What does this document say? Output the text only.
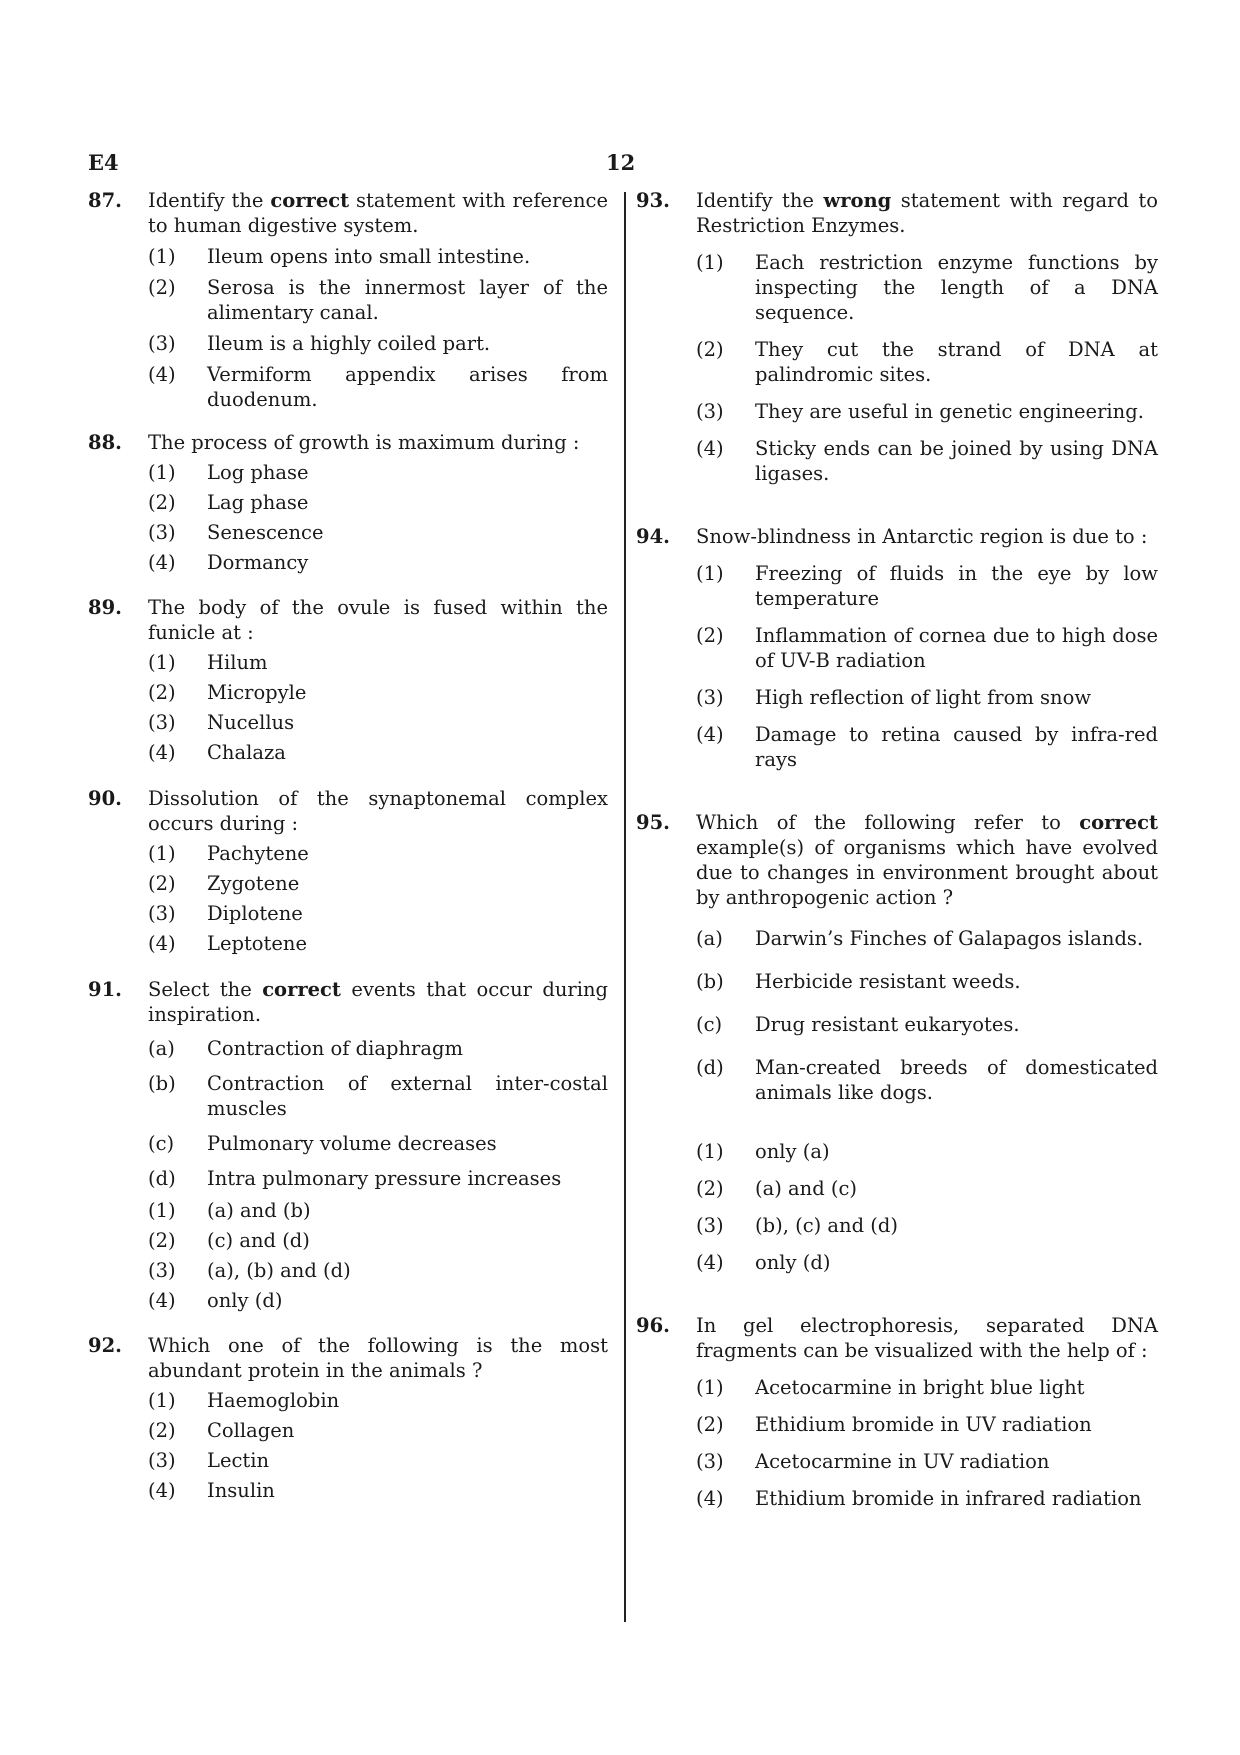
E4	12
87.	Identify the correct statement with reference to human digestive system.
(1)	Ileum opens into small intestine.
(2)	Serosa is the innermost layer of the alimentary canal.
(3)	Ileum is a highly coiled part.
(4)	Vermiform appendix arises from duodenum.
88.	The process of growth is maximum during :
(1)	Log phase
(2)	Lag phase
(3)	Senescence
(4)	Dormancy
89.	The body of the ovule is fused within the funicle at :
(1)	Hilum
(2)	Micropyle
(3)	Nucellus
(4)	Chalaza
90.	Dissolution of the synaptonemal complex occurs during :
(1)	Pachytene
(2)	Zygotene
(3)	Diplotene
(4)	Leptotene
91.	Select the correct events that occur during inspiration.
(a)	Contraction of diaphragm
(b)	Contraction of external inter-costal muscles
(c)	Pulmonary volume decreases
(d)	Intra pulmonary pressure increases
(1)	(a) and (b)
(2)	(c) and (d)
(3)	(a), (b) and (d)
(4)	only (d)
92.	Which one of the following is the most abundant protein in the animals ?
(1)	Haemoglobin
(2)	Collagen
(3)	Lectin
(4)	Insulin
93.	Identify the wrong statement with regard to Restriction Enzymes.
(1)	Each restriction enzyme functions by inspecting the length of a DNA sequence.
(2)	They cut the strand of DNA at palindromic sites.
(3)	They are useful in genetic engineering.
(4)	Sticky ends can be joined by using DNA ligases.
94.	Snow-blindness in Antarctic region is due to :
(1)	Freezing of fluids in the eye by low temperature
(2)	Inflammation of cornea due to high dose of UV-B radiation
(3)	High reflection of light from snow
(4)	Damage to retina caused by infra-red rays
95.	Which of the following refer to correct example(s) of organisms which have evolved due to changes in environment brought about by anthropogenic action ?
(a)	Darwin’s Finches of Galapagos islands.
(b)	Herbicide resistant weeds.
(c)	Drug resistant eukaryotes.
(d)	Man-created breeds of domesticated animals like dogs.
(1)	only (a)
(2)	(a) and (c)
(3)	(b), (c) and (d)
(4)	only (d)
96.	In gel electrophoresis, separated DNA fragments can be visualized with the help of :
(1)	Acetocarmine in bright blue light
(2)	Ethidium bromide in UV radiation
(3)	Acetocarmine in UV radiation
(4)	Ethidium bromide in infrared radiation
